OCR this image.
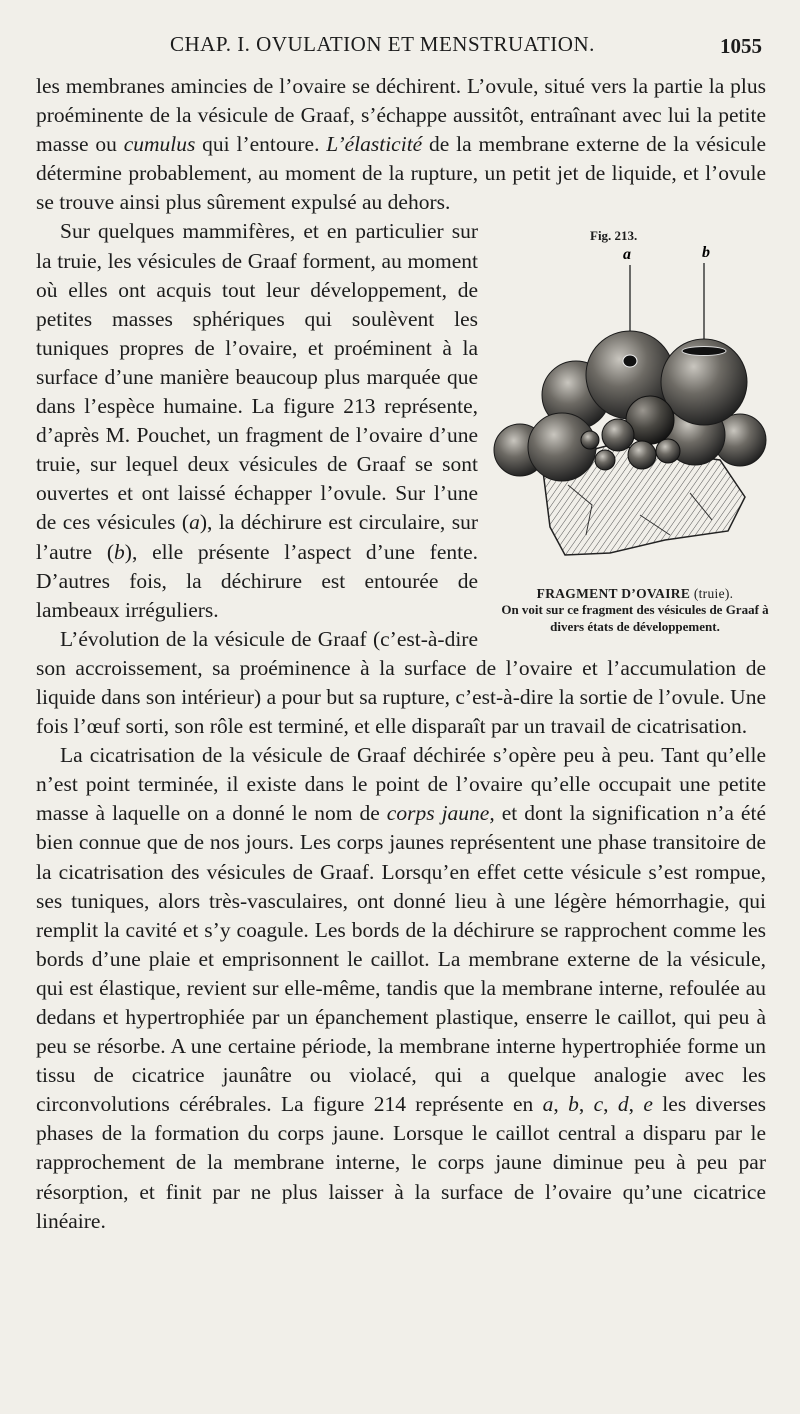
CHAP. I. OVULATION ET MENSTRUATION.	1055

les membranes amincies de l’ovaire se déchirent. L’ovule, situé vers la partie la plus proéminente de la vésicule de Graaf, s’échappe aussitôt, entraînant avec lui la petite masse ou cumulus qui l’entoure. L’élasticité de la membrane externe de la vésicule détermine probablement, au moment de la rupture, un petit jet de liquide, et l’ovule se trouve ainsi plus sûrement expulsé au dehors.

Fig. 213.
a	b
FRAGMENT D’OVAIRE (truie).
On voit sur ce fragment des vésicules de Graaf à divers états de développement.

Sur quelques mammifères, et en particulier sur la truie, les vésicules de Graaf forment, au moment où elles ont acquis tout leur développement, de petites masses sphériques qui soulèvent les tuniques propres de l’ovaire, et proéminent à la surface d’une manière beaucoup plus marquée que dans l’espèce humaine. La figure 213 représente, d’après M. Pouchet, un fragment de l’ovaire d’une truie, sur lequel deux vésicules de Graaf se sont ouvertes et ont laissé échapper l’ovule. Sur l’une de ces vésicules (a), la déchirure est circulaire, sur l’autre (b), elle présente l’aspect d’une fente. D’autres fois, la déchirure est entourée de lambeaux irréguliers.

L’évolution de la vésicule de Graaf (c’est-à-dire son accroissement, sa proéminence à la surface de l’ovaire et l’accumulation de liquide dans son intérieur) a pour but sa rupture, c’est-à-dire la sortie de l’ovule. Une fois l’œuf sorti, son rôle est terminé, et elle disparaît par un travail de cicatrisation.

La cicatrisation de la vésicule de Graaf déchirée s’opère peu à peu. Tant qu’elle n’est point terminée, il existe dans le point de l’ovaire qu’elle occupait une petite masse à laquelle on a donné le nom de corps jaune, et dont la signification n’a été bien connue que de nos jours. Les corps jaunes représentent une phase transitoire de la cicatrisation des vésicules de Graaf. Lorsqu’en effet cette vésicule s’est rompue, ses tuniques, alors très-vasculaires, ont donné lieu à une légère hémorrhagie, qui remplit la cavité et s’y coagule. Les bords de la déchirure se rapprochent comme les bords d’une plaie et emprisonnent le caillot. La membrane externe de la vésicule, qui est élastique, revient sur elle-même, tandis que la membrane interne, refoulée au dedans et hypertrophiée par un épanchement plastique, enserre le caillot, qui peu à peu se résorbe. A une certaine période, la membrane interne hypertrophiée forme un tissu de cicatrice jaunâtre ou violacé, qui a quelque analogie avec les circonvolutions cérébrales. La figure 214 représente en a, b, c, d, e les diverses phases de la formation du corps jaune. Lorsque le caillot central a disparu par le rapprochement de la membrane interne, le corps jaune diminue peu à peu par résorption, et finit par ne plus laisser à la surface de l’ovaire qu’une cicatrice linéaire.
